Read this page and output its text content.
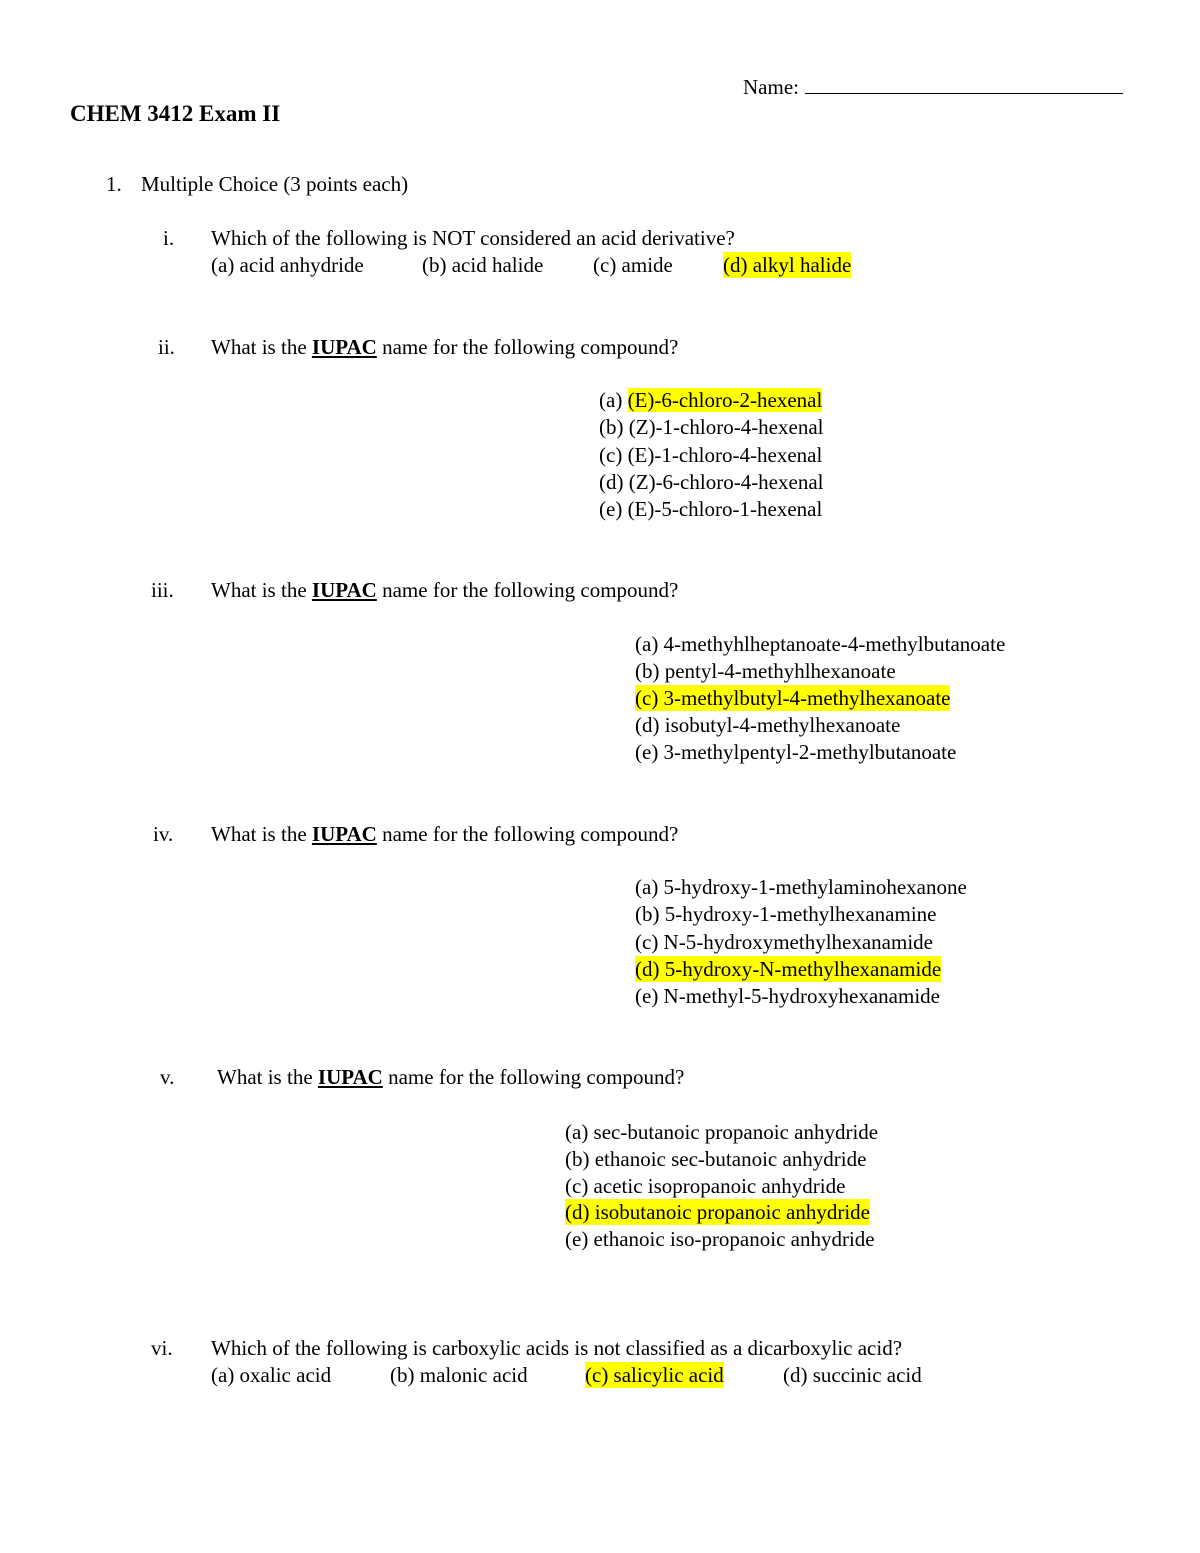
Name:
CHEM 3412 Exam II
1. Multiple Choice (3 points each)
i. Which of the following is NOT considered an acid derivative?
(a) acid anhydride	(b) acid halide (c) amide (d) alkyl halide
ii. What is the IUPAC name for the following compound?
(a) (E)-6-chloro-2-hexenal
(b) (Z)-1-chloro-4-hexenal
(c) (E)-1-chloro-4-hexenal
(d) (Z)-6-chloro-4-hexenal
(e) (E)-5-chloro-1-hexenal
iii. What is the IUPAC name for the following compound?
(a) 4-methyhlheptanoate-4-methylbutanoate
(b) pentyl-4-methyhlhexanoate
(c) 3-methylbutyl-4-methylhexanoate
(d) isobutyl-4-methylhexanoate
(e) 3-methylpentyl-2-methylbutanoate
iv. What is the IUPAC name for the following compound?
(a) 5-hydroxy-1-methylaminohexanone
(b) 5-hydroxy-1-methylhexanamine
(c) N-5-hydroxymethylhexanamide
(d) 5-hydroxy-N-methylhexanamide
(e) N-methyl-5-hydroxyhexanamide
v. What is the IUPAC name for the following compound?
(a) sec-butanoic propanoic anhydride
(b) ethanoic sec-butanoic anhydride
(c) acetic isopropanoic anhydride
(d) isobutanoic propanoic anhydride
(e) ethanoic iso-propanoic anhydride
vi. Which of the following is carboxylic acids is not classified as a dicarboxylic acid?
(a) oxalic acid	(b) malonic acid	(c) salicylic acid	(d) succinic acid
